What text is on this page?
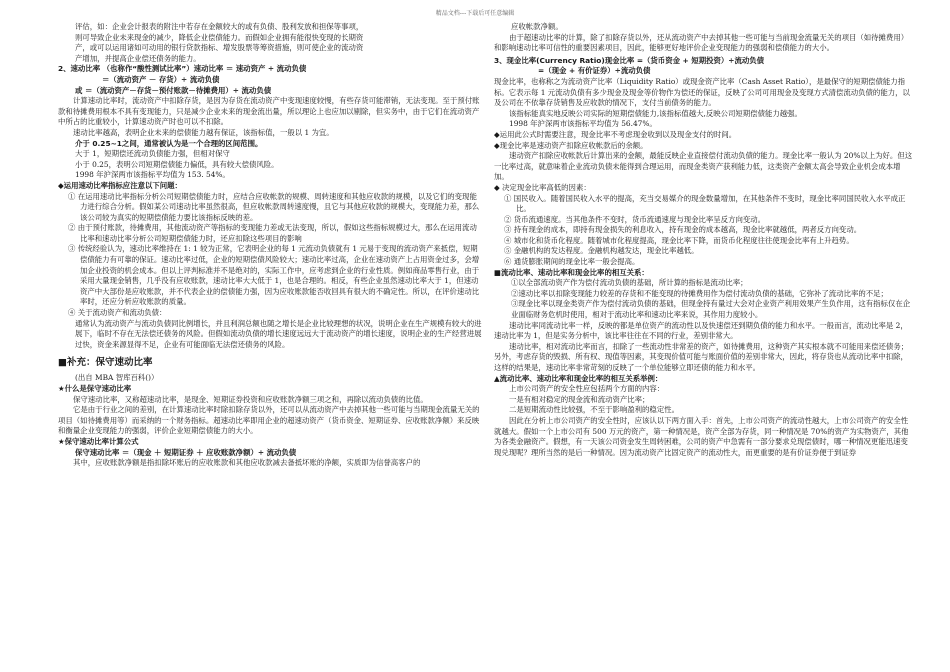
精品文档---下载后可任意编辑

评估，如：企业会计报表的附注中若存在金额较大的或有负债、股利发放和担保等事项，

则可导致企业未来现金的减少，降低企业偿债能力。而假如企业拥有能很快变现的长期资

产，或可以运用诸如可动用的银行贷款指标、增发股票等筹资措施，则可使企业的流动资

产增加，并提高企业偿还债务的能力。

2、速动比率 （也称作“酸性测试比率”）速动比率 ＝ 速动资产 ÷ 流动负债

＝（流动资产 － 存货）÷ 流动负债

或 ＝（流动资产－存货－预付账款－待摊费用）÷ 流动负债

计算速动比率时，流动资产中扣除存货，是因为存货在流动资产中变现速度较慢，有些存货可能滞销，无法变现。至于预付账款和待摊费用根本不具有变现能力，只是减少企业未来的现金流出量，所以理论上也应加以剔除，但实务中，由于它们在流动资产中所占的比重较小，计算速动资产时也可以不扣除。

速动比率越高，表明企业未来的偿债能力越有保证，该指标值，一般以 1 为宜。

介于 0.25~1之间，通常被认为是一个合理的区间范围。

大于 1，短期偿还流动负债能力强，但相对保守

小于 0.25，表明公司短期偿债能力偏低，具有较大偿债风险。

1998 年沪深两市该指标平均值为 153. 54%。

◆运用速动比率指标应注意以下问题：

① 在运用速动比率指标分析公司短期偿债能力时，应结合应收帐款的规模、周转速度和其他应收款的规模，以及它们的变现能力进行综合分析。假如某公司速动比率虽然很高，但应收帐款周转速度慢，且它与其他应收款的规模大，变现能力差，那么该公司较为真实的短期偿债能力要比该指标反映的差。

② 由于预付账款，待摊费用，其他流动资产等指标的变现能力差或无法变现，所以，假如这些指标规模过大，那么在运用流动比率和速动比率分析公司短期偿债能力时，还应扣除这些项目的影响

③ 传统经验认为，速动比率维持在 1: 1 较为正常，它表明企业的每 1 元流动负债就有 1 元易于变现的流动资产来抵偿，短期偿债能力有可靠的保证。速动比率过低，企业的短期偿债风险较大；速动比率过高，企业在速动资产上占用资金过多，会增加企业投资的机会成本。但以上评判标准并不是绝对的，实际工作中，应考虑到企业的行业性质。例如商品零售行业，由于采用大量现金销售，几乎没有应收账款，速动比率大大低于 1，也是合理的。相反，有些企业虽然速动比率大于 1，但速动资产中大部份是应收账款，并不代表企业的偿债能力强，因为应收账款能否收回具有很大的不确定性。所以，在评价速动比率时，还应分析应收账款的质量。

④ 关于流动资产和流动负债：

通常认为流动资产与流动负债同比例增长，并且利润总额也随之增长是企业比较理想的状况，说明企业在生产规模有较大的进展下，临时不存在无法偿还债务的风险。但假如流动负债的增长速度远远大于流动资产的增长速度，说明企业的生产经营进展过快，资金来源显得不足，企业有可能面临无法偿还债务的风险。

■补充：保守速动比率

(出自 MBA 智库百科()）

★什么是保守速动比率

保守速动比率，又称超速动比率，是现金、短期证券投资和应收账款净额三项之和，再除以流动负债的比值。

它是由于行业之间的差别，在计算速动比率时除扣除存货以外，还可以从流动资产中去掉其他一些可能与当期现金流量无关的项目（如待摊费用等）而采纳的一个财务指标。超速动比率即用企业的超速动资产（货币资金、短期证券、应收账款净额）来反映和衡量企业变现能力的强弱，评价企业短期偿债能力的大小。

★保守速动比率计算公式

保守速动比率 ＝（现金 ＋ 短期证券 ＋ 应收账款净额）÷ 流动负债

其中，应收账款净额是指扣除坏账后的应收账款和其他应收款减去备抵坏账的净额，实质即为信誉高客户的

应收帐款净额。

由于超速动比率的计算，除了扣除存货以外，还从流动资产中去掉其他一些可能与当前现金流量无关的项目（如待摊费用）和影响速动比率可信性的重要因素项目，因此，能够更好地评价企业变现能力的强弱和偿债能力的大小。

3、现金比率(Currency Ratio)现金比率 =（货币资金 + 短期投资）÷流动负债

=（现金 + 有价证券）÷流动负债

现金比率，也称称之为流动资产比率（Liquidity Ratio）或现金资产比率（Cash Asset Ratio），是最保守的短期偿债能力指标。它表示每 1 元流动负债有多少现金及现金等价物作为偿还的保证，反映了公司可用现金及变现方式清偿流动负债的能力，以及公司在不依靠存货销售及应收款的情况下，支付当前债务的能力。

该指标能真实地反映公司实际的短期偿债能力,该指标值越大,反映公司短期偿债能力越强。

1998 年沪深两市该指标平均值为 56.47%。

◆运用此公式时需要注意，现金比率不考虑现金收到以及现金支付的时间。

◆现金比率是速动资产扣除应收帐款后的余额。

速动资产扣除应收帐款后计算出来的金额，最能反映企业直接偿付流动负债的能力。现金比率一般认为 20%以上为好。但这一比率过高，就意味着企业流动负债未能得到合理运用，而现金类资产获利能力低，这类资产金额太高会导致企业机会成本增加。

◆ 决定现金比率高低的因素：

① 国民收入。随着国民收入水平的提高，充当交易媒介的现金数量增加，在其他条件不变时，现金比率同国民收入水平成正比。

② 货币流通速度。当其他条件不变时，货币流通速度与现金比率呈反方向变动。

③ 持有现金的成本，即持有现金损失的利息收入，持有现金的成本越高，现金比率就越低，两者反方向变动。

④ 城市化和货币化程度。随着城市化程度提高，现金比率下降，而货币化程度往往使现金比率有上升趋势。

⑤ 金融机构的发达程度。金融机构越发达，现金比率越低。

⑥ 通货膨胀期间的现金比率一般会提高。

■流动比率、速动比率和现金比率的相互关系：

①以全部流动资产作为偿付流动负债的基础，所计算的指标是流动比率；

②速动比率以扣除变现能力较差的存货和不能变现的待摊费用作为偿付流动负债的基础，它弥补了流动比率的不足；

③现金比率以现金类资产作为偿付流动负债的基础，但现金持有量过大会对企业资产利用效果产生负作用，这有指标仅在企业面临财务危机时使用，相对于流动比率和速动比率来说，其作用力度较小。

速动比率同流动比率一样，反映的都是单位资产的流动性以及快速偿还到期负债的能力和水平。一般而言，流动比率是 2，速动比率为 1，但是实务分析中，该比率往往在不同的行业，差别非常大。

速动比率，相对流动比率而言，扣除了一些流动性非常差的资产，如待摊费用，这种资产其实根本就不可能用来偿还债务；另外，考虑存货的毁损、所有权、现值等因素，其变现价值可能与账面价值的差别非常大，因此，将存货也从流动比率中扣除，这样的结果是，速动比率非常苛刻的反映了一个单位能够立即还债的能力和水平。

▲流动比率、速动比率和现金比率的相互关系举例：

上市公司资产的安全性应包括两个方面的内容：

一是有相对稳定的现金流和流动资产比率；

二是短期流动性比较强，不至于影响盈利的稳定性。

因此在分析上市公司资产的安全性时，应该认以下两方面入手：首先，上市公司资产的流动性越大，上市公司资产的安全性就越大。假如一个上市公司有 500 万元的资产，第一种情况是，资产全部为存货，同一种情况是 70%的资产为实物资产，其他为各类金融资产。假想，有一天该公司资金发生周转困难，公司的资产中急需有一部分要求兑现偿债时，哪一种情况更能迅速变现兑现呢？理所当然的是后一种情况。因为流动资产比固定资产的流动性大，而更重要的是有价证券便于到证券
